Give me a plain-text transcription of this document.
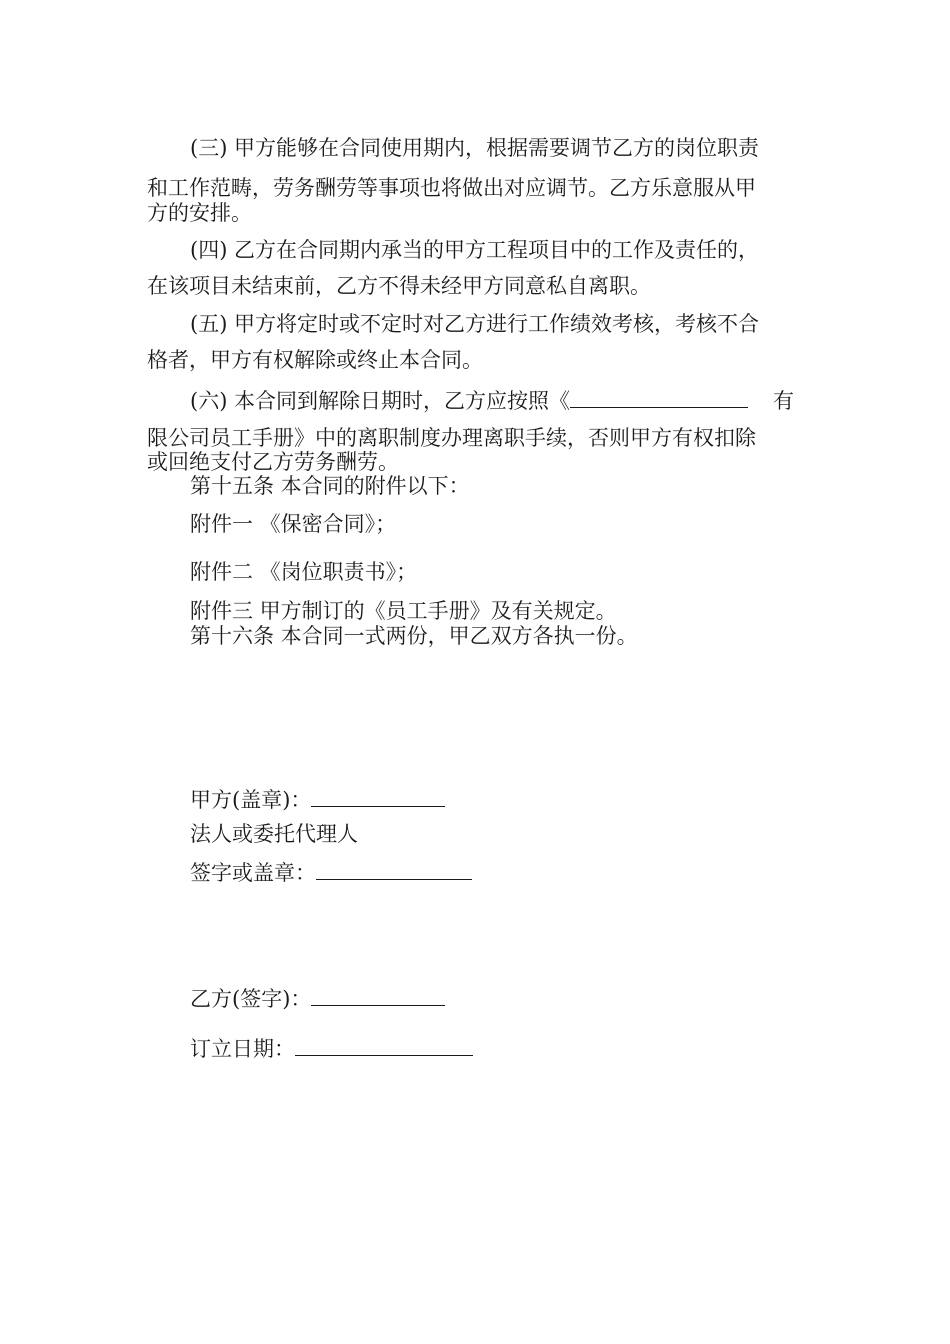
(三) 甲方能够在合同使用期内，根据需要调节乙方的岗位职责

和工作范畴，劳务酬劳等事项也将做出对应调节。乙方乐意服从甲

方的安排。

(四) 乙方在合同期内承当的甲方工程项目中的工作及责任的，

在该项目未结束前，乙方不得未经甲方同意私自离职。

(五) 甲方将定时或不定时对乙方进行工作绩效考核，考核不合

格者，甲方有权解除或终止本合同。

(六) 本合同到解除日期时，乙方应按照《	有

限公司员工手册》中的离职制度办理离职手续，否则甲方有权扣除

或回绝支付乙方劳务酬劳。

第十五条 本合同的附件以下：

附件一 《保密合同》；

附件二 《岗位职责书》；

附件三 甲方制订的《员工手册》及有关规定。

第十六条 本合同一式两份，甲乙双方各执一份。

甲方(盖章)：

法人或委托代理人

签字或盖章：
乙方(签字)：
订立日期：
